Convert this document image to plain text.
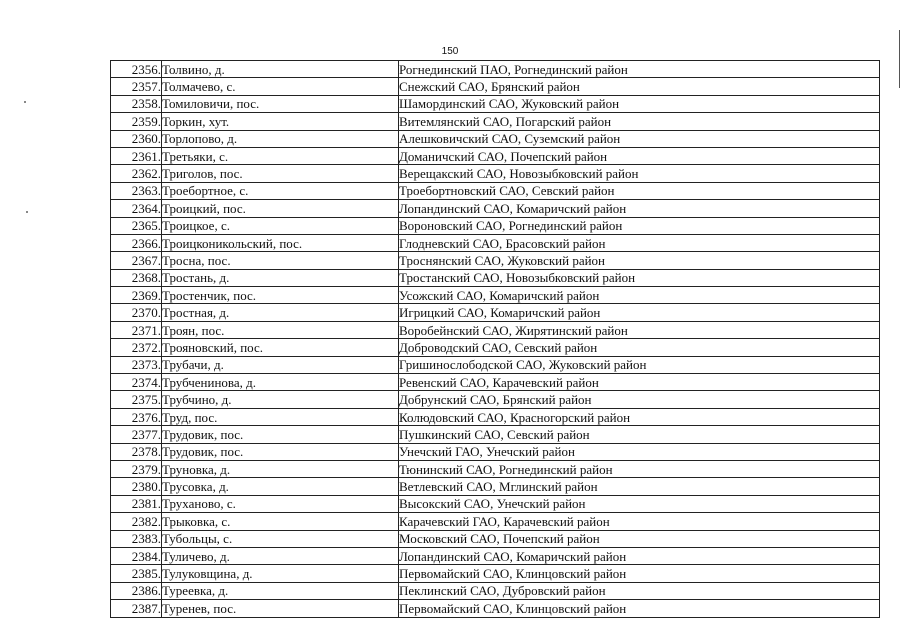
150
2356.	Толвино, д.	Рогнединский ПАО, Рогнединский район
2357.	Толмачево, с.	Снежский САО, Брянский район
2358.	Томиловичи, пос.	Шамординский САО, Жуковский район
2359.	Торкин, хут.	Витемлянский САО, Погарский район
2360.	Торлопово, д.	Алешковичский САО, Суземский район
2361.	Третьяки, с.	Доманичский САО, Почепский район
2362.	Триголов, пос.	Верещакский САО, Новозыбковский район
2363.	Троебортное, с.	Троебортновский САО, Севский район
2364.	Троицкий, пос.	Лопандинский САО, Комаричский район
2365.	Троицкое, с.	Вороновский САО, Рогнединский район
2366.	Троицконикольский, пос.	Глодневский САО, Брасовский район
2367.	Тросна, пос.	Троснянский САО, Жуковский район
2368.	Тростань, д.	Тростанский САО, Новозыбковский район
2369.	Тростенчик, пос.	Усожский САО, Комаричский район
2370.	Тростная, д.	Игрицкий САО, Комаричский район
2371.	Троян, пос.	Воробейнский САО, Жирятинский район
2372.	Трояновский, пос.	Доброводский САО, Севский район
2373.	Трубачи, д.	Гришинослободской САО, Жуковский район
2374.	Трубченинова, д.	Ревенский САО, Карачевский район
2375.	Трубчино, д.	Добрунский САО, Брянский район
2376.	Труд, пос.	Колюдовский САО, Красногорский район
2377.	Трудовик, пос.	Пушкинский САО, Севский район
2378.	Трудовик, пос.	Унечский ГАО, Унечский район
2379.	Труновка, д.	Тюнинский САО, Рогнединский район
2380.	Трусовка, д.	Ветлевский САО, Мглинский район
2381.	Труханово, с.	Высокский САО, Унечский район
2382.	Трыковка, с.	Карачевский ГАО, Карачевский район
2383.	Тубольцы, с.	Московский САО, Почепский район
2384.	Туличево, д.	Лопандинский САО, Комаричский район
2385.	Тулуковщина, д.	Первомайский САО, Клинцовский район
2386.	Туреевка, д.	Пеклинский САО, Дубровский район
2387.	Туренев, пос.	Первомайский САО, Клинцовский район
